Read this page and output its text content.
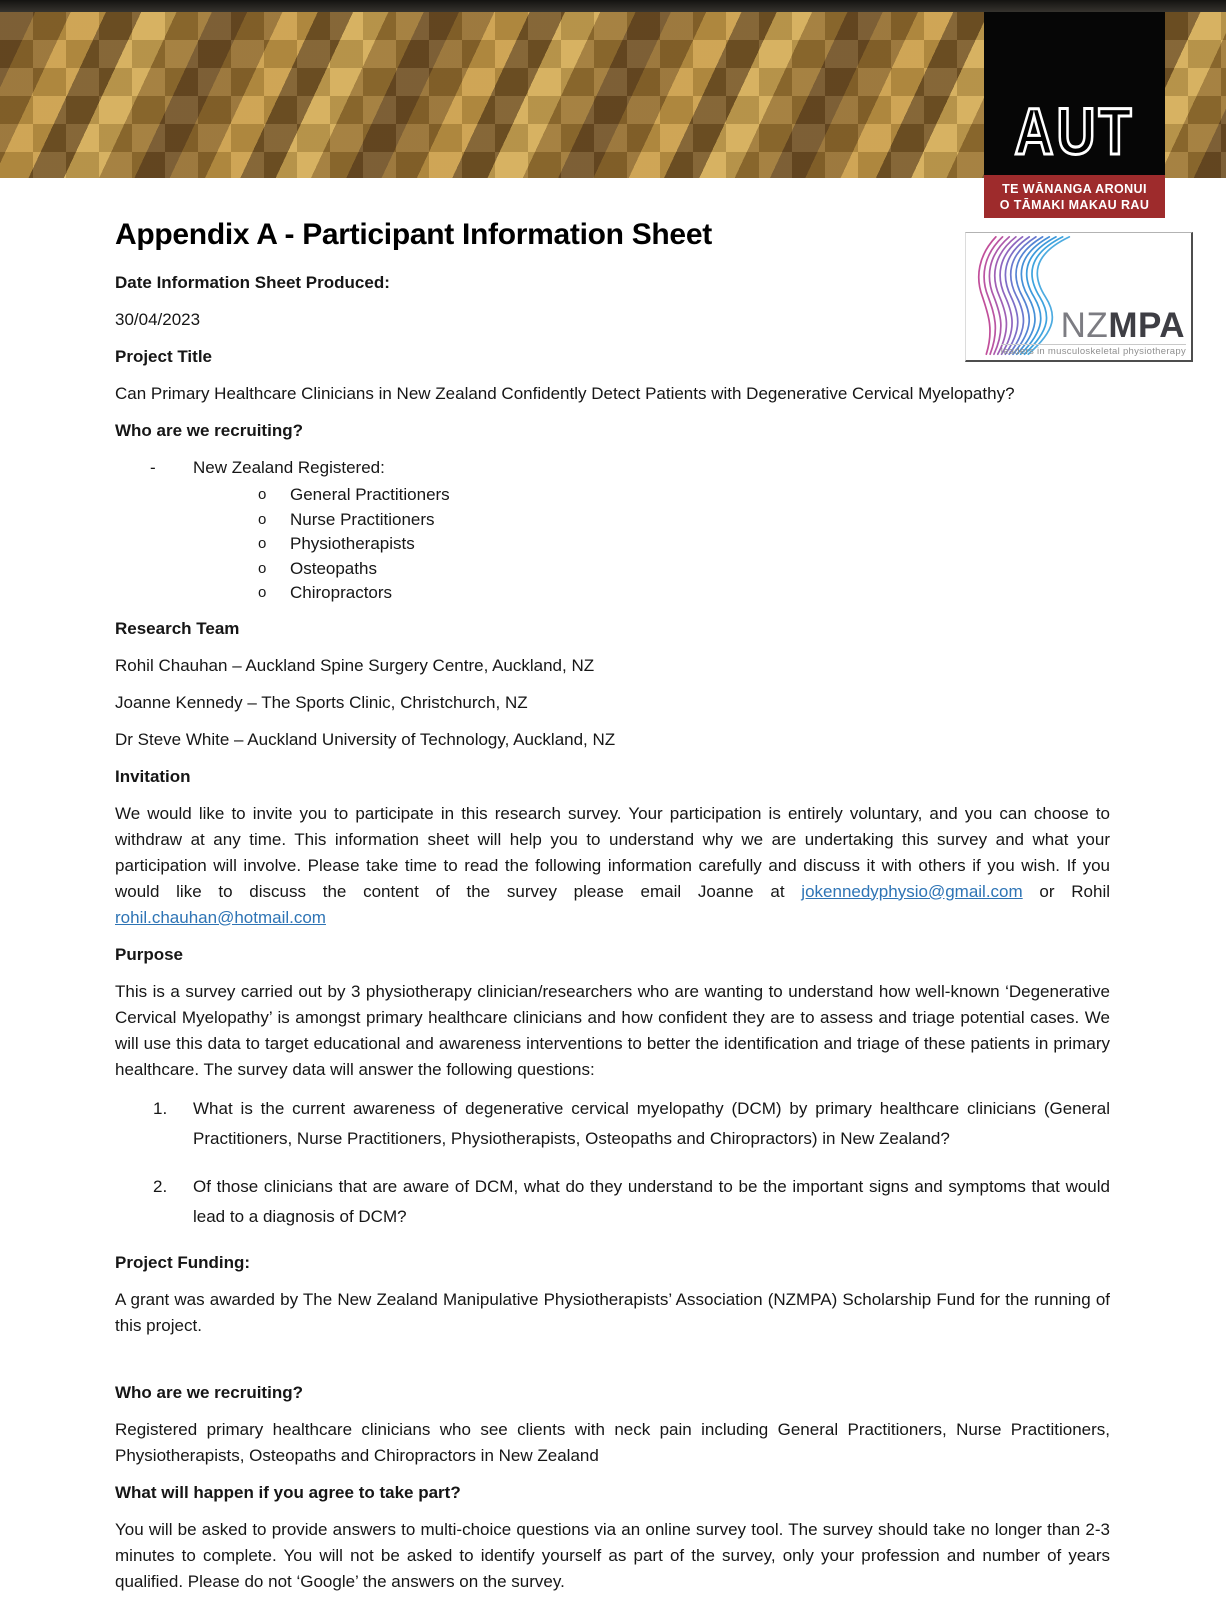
AUT
TE WĀNANGA ARONUI
O TĀMAKI MAKAU RAU
NZMPA
leaders in musculoskeletal physiotherapy
Appendix A - Participant Information Sheet

Date Information Sheet Produced:

30/04/2023

Project Title

Can Primary Healthcare Clinicians in New Zealand Confidently Detect Patients with Degenerative Cervical Myelopathy?

Who are we recruiting?

- New Zealand Registered:
o General Practitioners
o Nurse Practitioners
o Physiotherapists
o Osteopaths
o Chiropractors

Research Team

Rohil Chauhan – Auckland Spine Surgery Centre, Auckland, NZ

Joanne Kennedy – The Sports Clinic, Christchurch, NZ

Dr Steve White – Auckland University of Technology, Auckland, NZ

Invitation

We would like to invite you to participate in this research survey. Your participation is entirely voluntary, and you can choose to withdraw at any time. This information sheet will help you to understand why we are undertaking this survey and what your participation will involve. Please take time to read the following information carefully and discuss it with others if you wish. If you would like to discuss the content of the survey please email Joanne at jokennedyphysio@gmail.com or Rohil rohil.chauhan@hotmail.com

Purpose

This is a survey carried out by 3 physiotherapy clinician/researchers who are wanting to understand how well-known ‘Degenerative Cervical Myelopathy’ is amongst primary healthcare clinicians and how confident they are to assess and triage potential cases. We will use this data to target educational and awareness interventions to better the identification and triage of these patients in primary healthcare. The survey data will answer the following questions:

1. What is the current awareness of degenerative cervical myelopathy (DCM) by primary healthcare clinicians (General Practitioners, Nurse Practitioners, Physiotherapists, Osteopaths and Chiropractors) in New Zealand?
2. Of those clinicians that are aware of DCM, what do they understand to be the important signs and symptoms that would lead to a diagnosis of DCM?

Project Funding:

A grant was awarded by The New Zealand Manipulative Physiotherapists’ Association (NZMPA) Scholarship Fund for the running of this project.

Who are we recruiting?

Registered primary healthcare clinicians who see clients with neck pain including General Practitioners, Nurse Practitioners, Physiotherapists, Osteopaths and Chiropractors in New Zealand

What will happen if you agree to take part?

You will be asked to provide answers to multi-choice questions via an online survey tool. The survey should take no longer than 2-3 minutes to complete. You will not be asked to identify yourself as part of the survey, only your profession and number of years qualified. Please do not ‘Google’ the answers on the survey.
